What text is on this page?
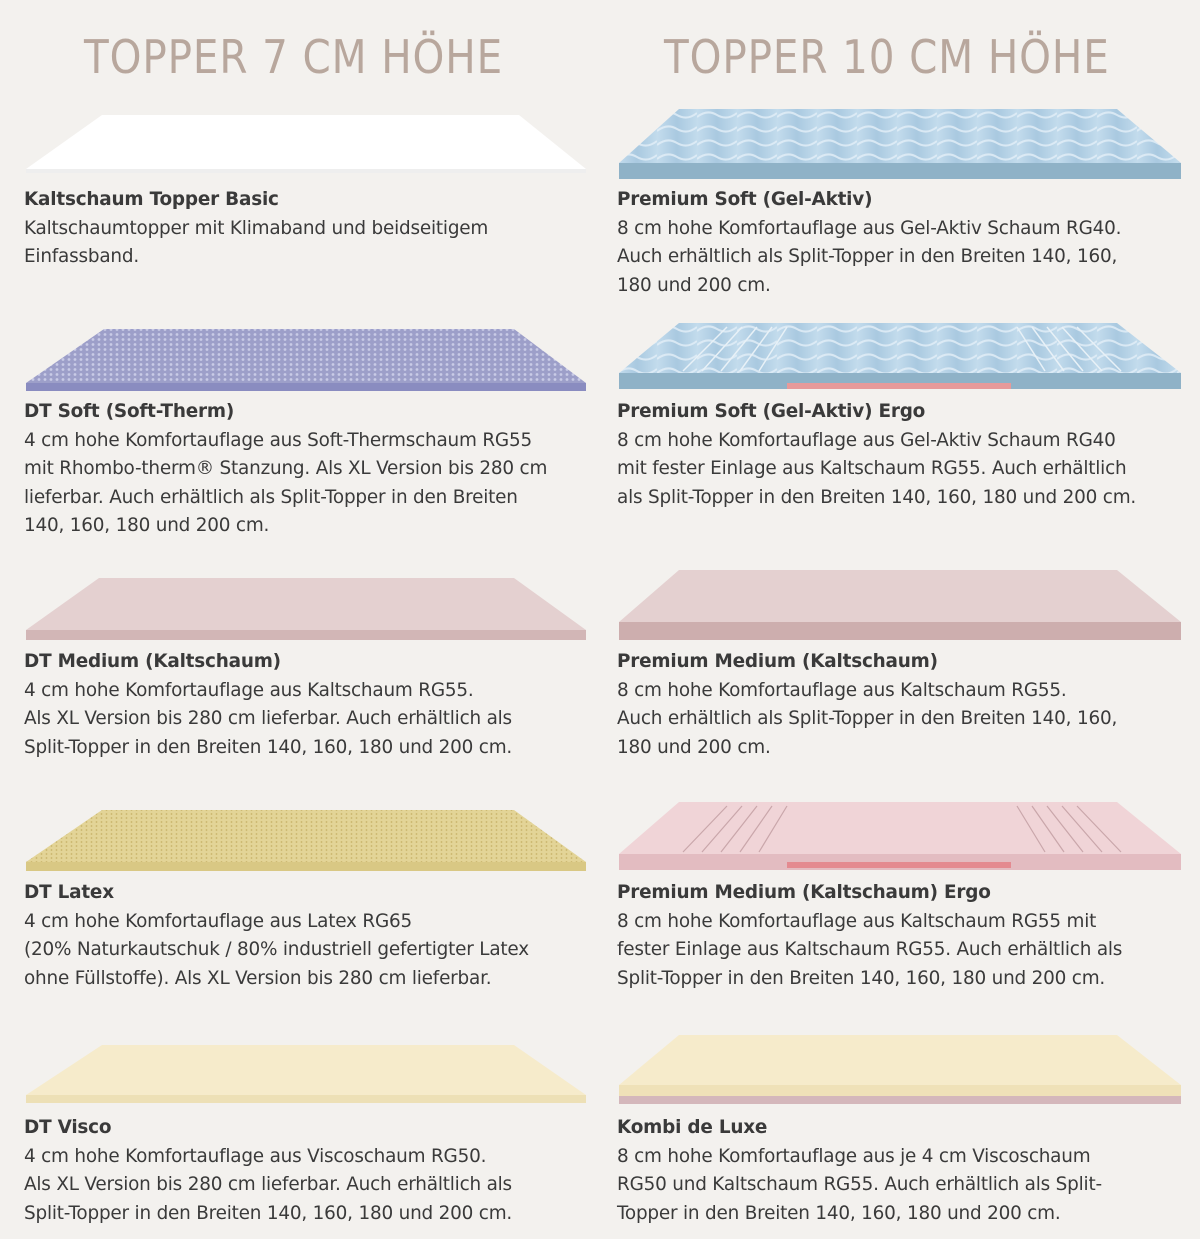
TOPPER 7 CM HÖHE	TOPPER 10 CM HÖHE
Kaltschaum Topper Basic
Kaltschaumtopper mit Klimaband und beidseitigem
Einfassband.
DT Soft (Soft-Therm)
4 cm hohe Komfortauflage aus Soft-Thermschaum RG55
mit Rhombo-therm® Stanzung. Als XL Version bis 280 cm
lieferbar. Auch erhältlich als Split-Topper in den Breiten
140, 160, 180 und 200 cm.
DT Medium (Kaltschaum)
4 cm hohe Komfortauflage aus Kaltschaum RG55.
Als XL Version bis 280 cm lieferbar. Auch erhältlich als
Split-Topper in den Breiten 140, 160, 180 und 200 cm.
DT Latex
4 cm hohe Komfortauflage aus Latex RG65
(20% Naturkautschuk / 80% industriell gefertigter Latex
ohne Füllstoffe). Als XL Version bis 280 cm lieferbar.
DT Visco
4 cm hohe Komfortauflage aus Viscoschaum RG50.
Als XL Version bis 280 cm lieferbar. Auch erhältlich als
Split-Topper in den Breiten 140, 160, 180 und 200 cm.
Premium Soft (Gel-Aktiv)
8 cm hohe Komfortauflage aus Gel-Aktiv Schaum RG40.
Auch erhältlich als Split-Topper in den Breiten 140, 160,
180 und 200 cm.
Premium Soft (Gel-Aktiv) Ergo
8 cm hohe Komfortauflage aus Gel-Aktiv Schaum RG40
mit fester Einlage aus Kaltschaum RG55. Auch erhältlich
als Split-Topper in den Breiten 140, 160, 180 und 200 cm.
Premium Medium (Kaltschaum)
8 cm hohe Komfortauflage aus Kaltschaum RG55.
Auch erhältlich als Split-Topper in den Breiten 140, 160,
180 und 200 cm.
Premium Medium (Kaltschaum) Ergo
8 cm hohe Komfortauflage aus Kaltschaum RG55 mit
fester Einlage aus Kaltschaum RG55. Auch erhältlich als
Split-Topper in den Breiten 140, 160, 180 und 200 cm.
Kombi de Luxe
8 cm hohe Komfortauflage aus je 4 cm Viscoschaum
RG50 und Kaltschaum RG55. Auch erhältlich als Split-
Topper in den Breiten 140, 160, 180 und 200 cm.
